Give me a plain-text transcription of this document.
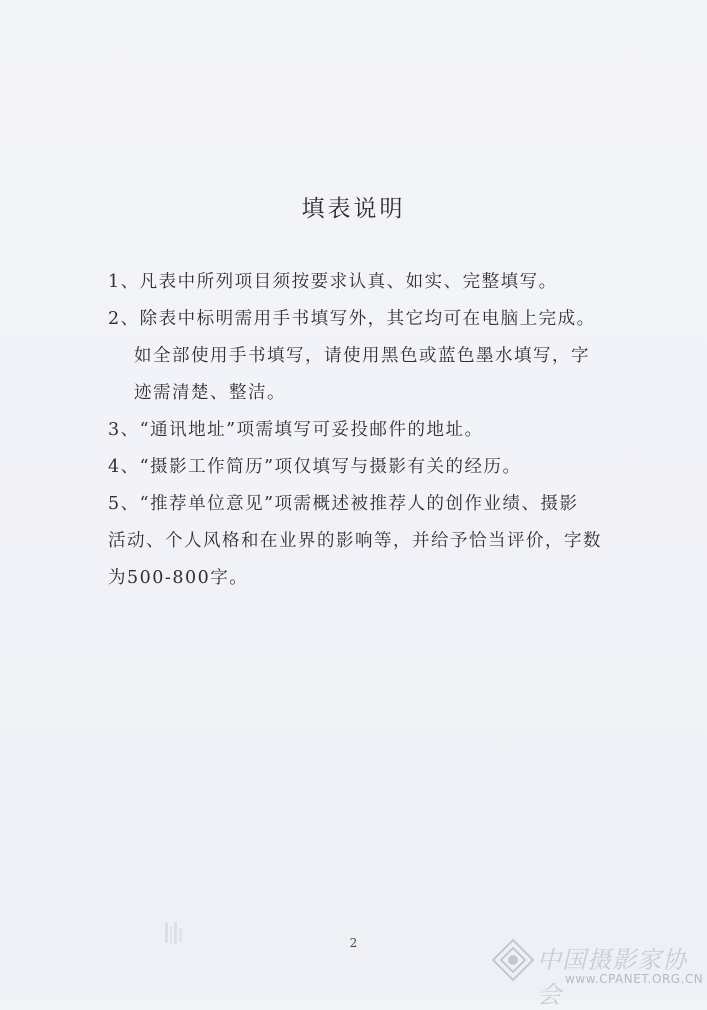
填表说明

1、凡表中所列项目须按要求认真、如实、完整填写。

2、除表中标明需用手书填写外，其它均可在电脑上完成。
如全部使用手书填写，请使用黑色或蓝色墨水填写，字
迹需清楚、整洁。

3、“通讯地址”项需填写可妥投邮件的地址。

4、“摄影工作简历”项仅填写与摄影有关的经历。

5、“推荐单位意见”项需概述被推荐人的创作业绩、摄影
活动、个人风格和在业界的影响等，并给予恰当评价，字数
为500-800字。

2
中国摄影家协会
www.CPANET.ORG.CN
